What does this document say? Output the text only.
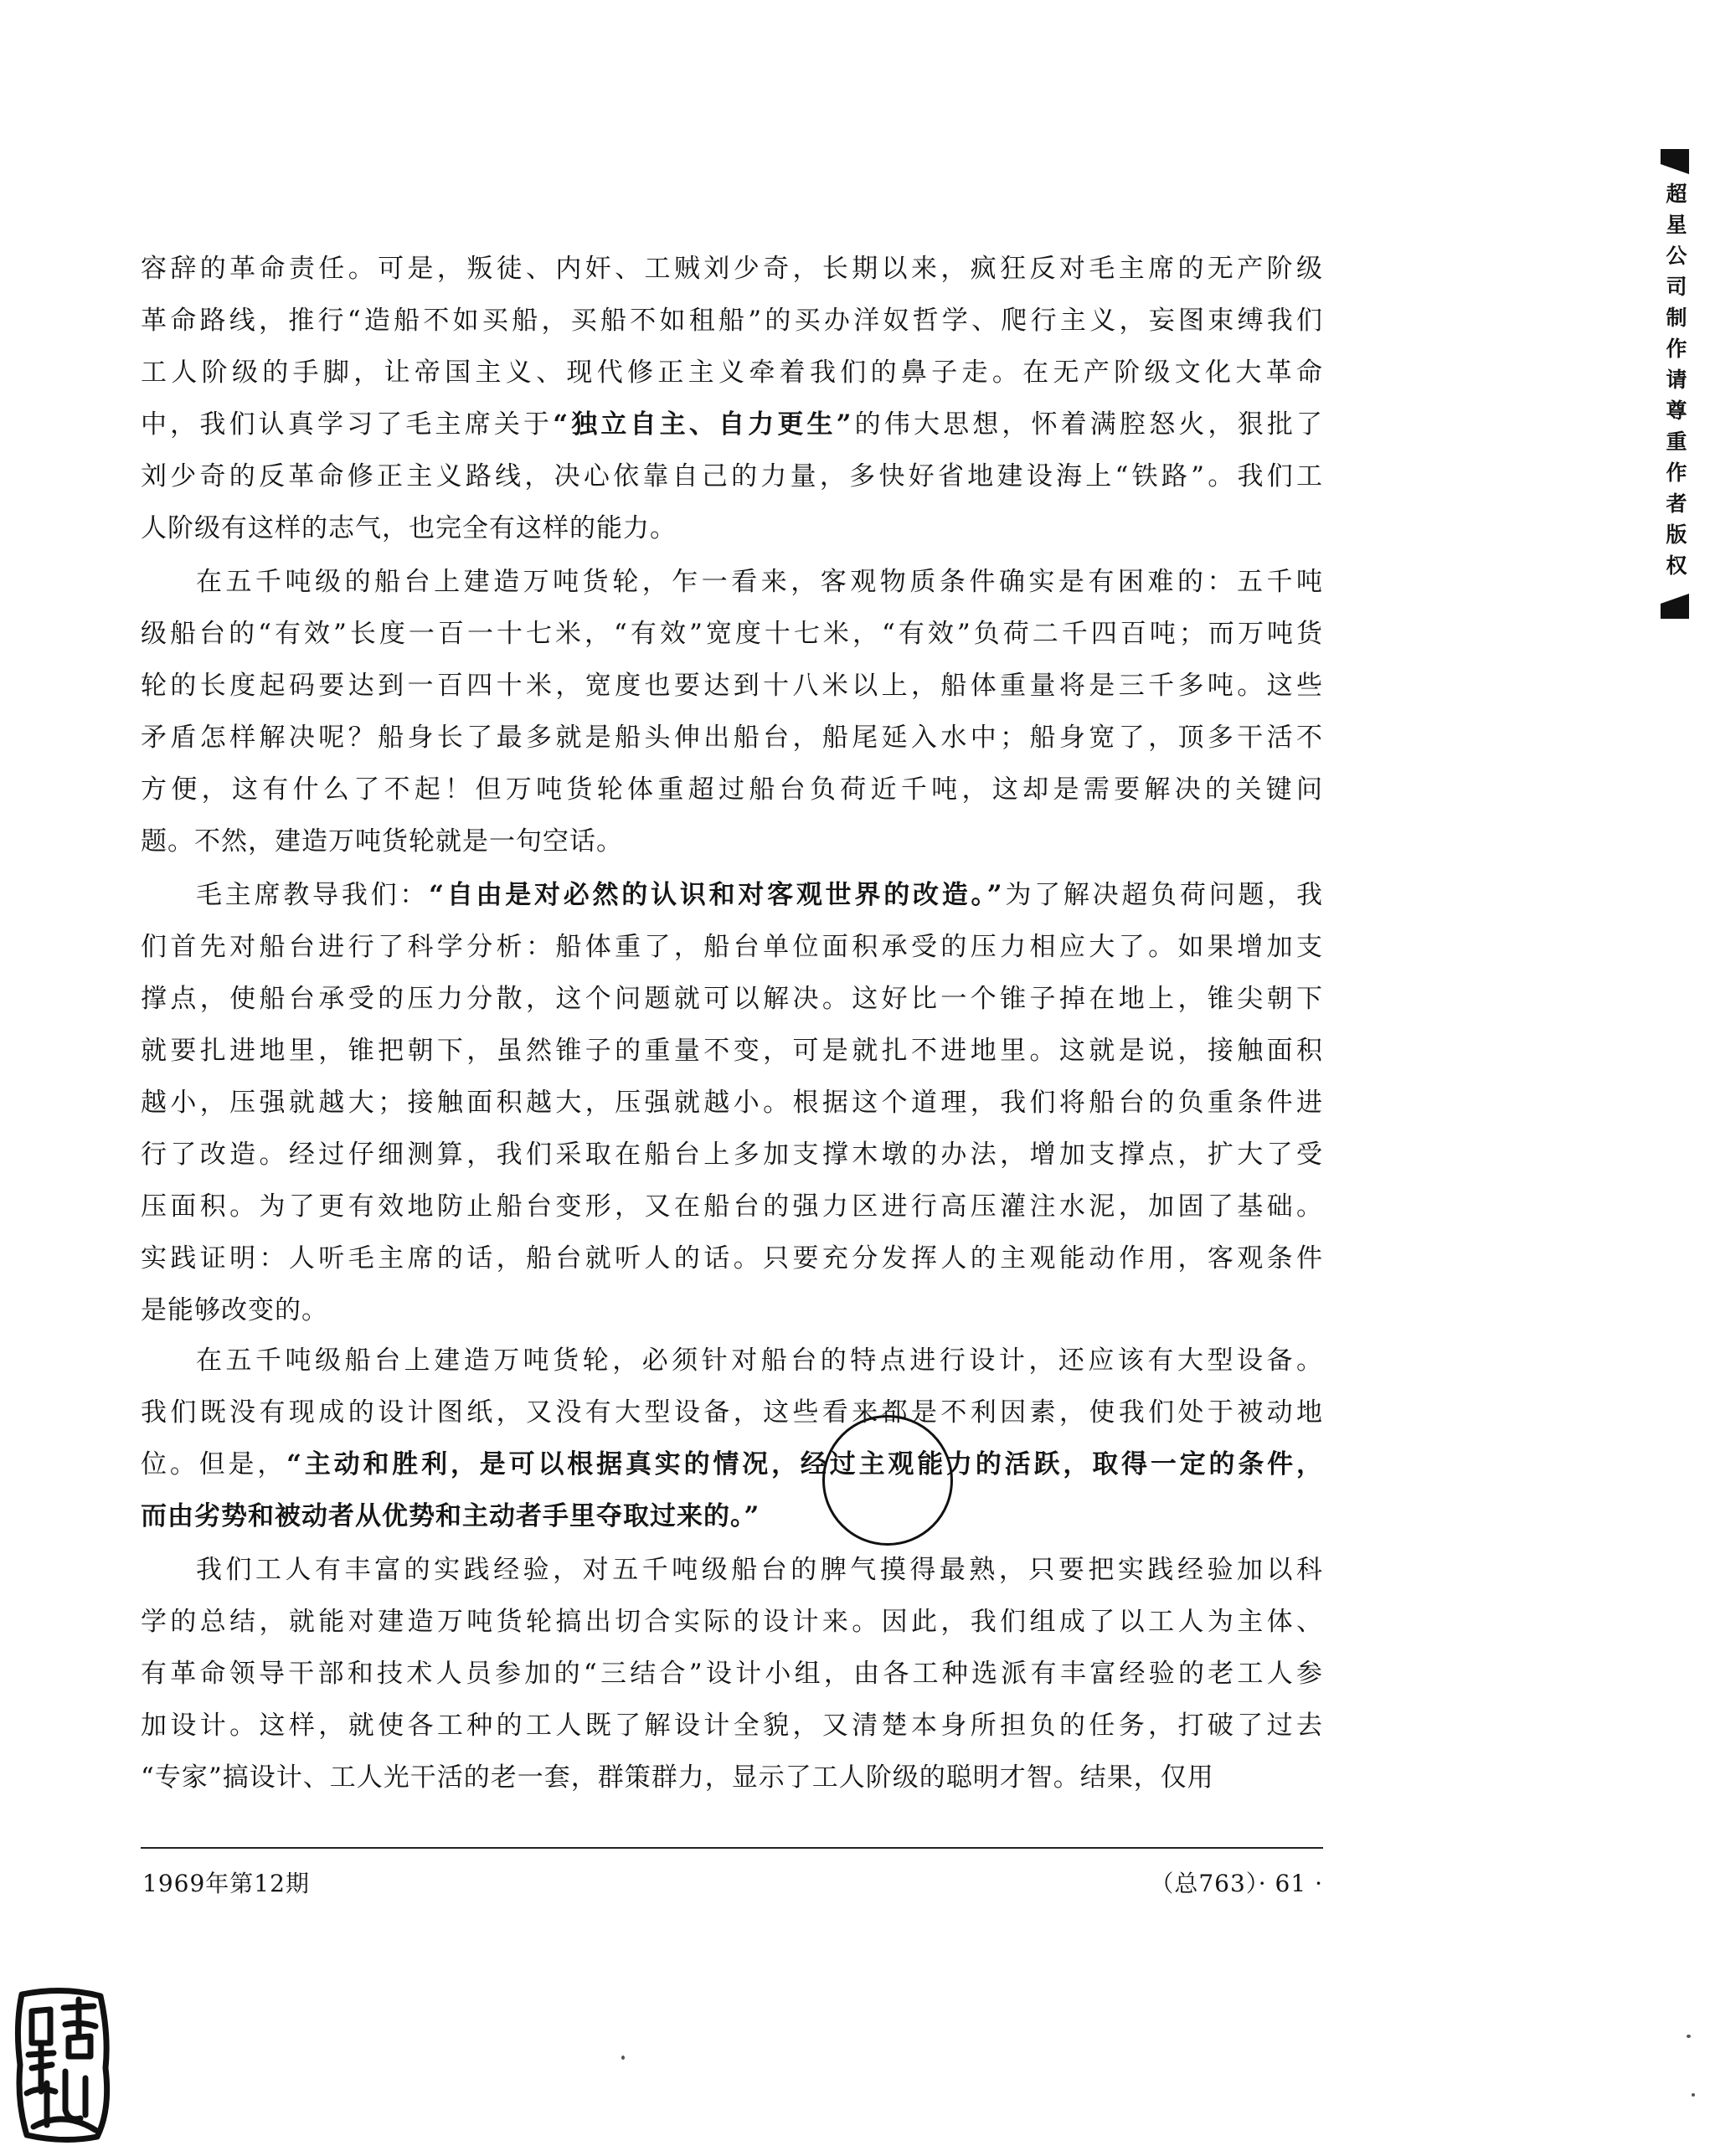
容辞的革命责任。可是，叛徒、内奸、工贼刘少奇，长期以来，疯狂反对毛主席的无产阶级
革命路线，推行“造船不如买船，买船不如租船”的买办洋奴哲学、爬行主义，妄图束缚我们
工人阶级的手脚，让帝国主义、现代修正主义牵着我们的鼻子走。在无产阶级文化大革命
中，我们认真学习了毛主席关于“独立自主、自力更生”的伟大思想，怀着满腔怒火，狠批了
刘少奇的反革命修正主义路线，决心依靠自己的力量，多快好省地建设海上“铁路”。我们工
人阶级有这样的志气，也完全有这样的能力。
在五千吨级的船台上建造万吨货轮，乍一看来，客观物质条件确实是有困难的：五千吨
级船台的“有效”长度一百一十七米，“有效”宽度十七米，“有效”负荷二千四百吨；而万吨货
轮的长度起码要达到一百四十米，宽度也要达到十八米以上，船体重量将是三千多吨。这些
矛盾怎样解决呢？船身长了最多就是船头伸出船台，船尾延入水中；船身宽了，顶多干活不
方便，这有什么了不起！但万吨货轮体重超过船台负荷近千吨，这却是需要解决的关键问
题。不然，建造万吨货轮就是一句空话。
毛主席教导我们：“自由是对必然的认识和对客观世界的改造。”为了解决超负荷问题，我
们首先对船台进行了科学分析：船体重了，船台单位面积承受的压力相应大了。如果增加支
撑点，使船台承受的压力分散，这个问题就可以解决。这好比一个锥子掉在地上，锥尖朝下
就要扎进地里，锥把朝下，虽然锥子的重量不变，可是就扎不进地里。这就是说，接触面积
越小，压强就越大；接触面积越大，压强就越小。根据这个道理，我们将船台的负重条件进
行了改造。经过仔细测算，我们采取在船台上多加支撑木墩的办法，增加支撑点，扩大了受
压面积。为了更有效地防止船台变形，又在船台的强力区进行高压灌注水泥，加固了基础。
实践证明：人听毛主席的话，船台就听人的话。只要充分发挥人的主观能动作用，客观条件
是能够改变的。
在五千吨级船台上建造万吨货轮，必须针对船台的特点进行设计，还应该有大型设备。
我们既没有现成的设计图纸，又没有大型设备，这些看来都是不利因素，使我们处于被动地
位。但是，“主动和胜利，是可以根据真实的情况，经过主观能力的活跃，取得一定的条件，
而由劣势和被动者从优势和主动者手里夺取过来的。”
我们工人有丰富的实践经验，对五千吨级船台的脾气摸得最熟，只要把实践经验加以科
学的总结，就能对建造万吨货轮搞出切合实际的设计来。因此，我们组成了以工人为主体、
有革命领导干部和技术人员参加的“三结合”设计小组，由各工种选派有丰富经验的老工人参
加设计。这样，就使各工种的工人既了解设计全貌，又清楚本身所担负的任务，打破了过去
“专家”搞设计、工人光干活的老一套，群策群力，显示了工人阶级的聪明才智。结果，仅用
1969年第12期	（总763）· 61 ·
超星公司制作请尊重作者版权
